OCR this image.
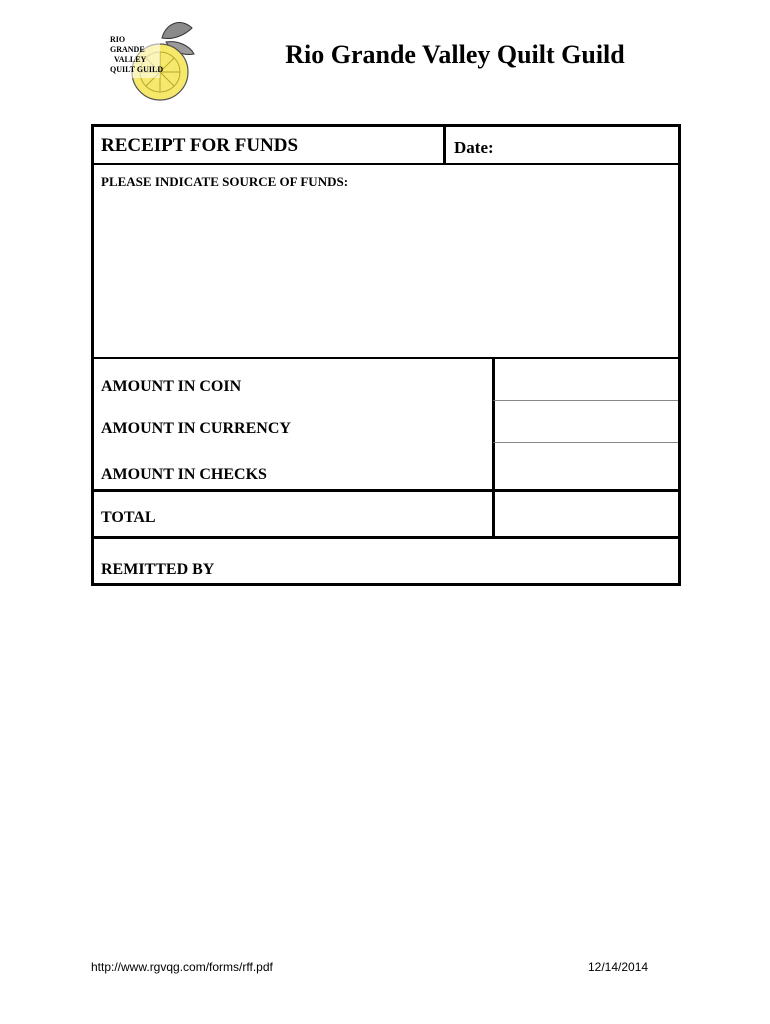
RIO
GRANDE
VALLEY
QUILT GUILD
Rio Grande Valley Quilt Guild
RECEIPT FOR FUNDS	Date:
PLEASE INDICATE SOURCE OF FUNDS:
AMOUNT IN COIN
AMOUNT IN CURRENCY
AMOUNT IN CHECKS
TOTAL
REMITTED BY
http://www.rgvqg.com/forms/rff.pdf	12/14/2014
